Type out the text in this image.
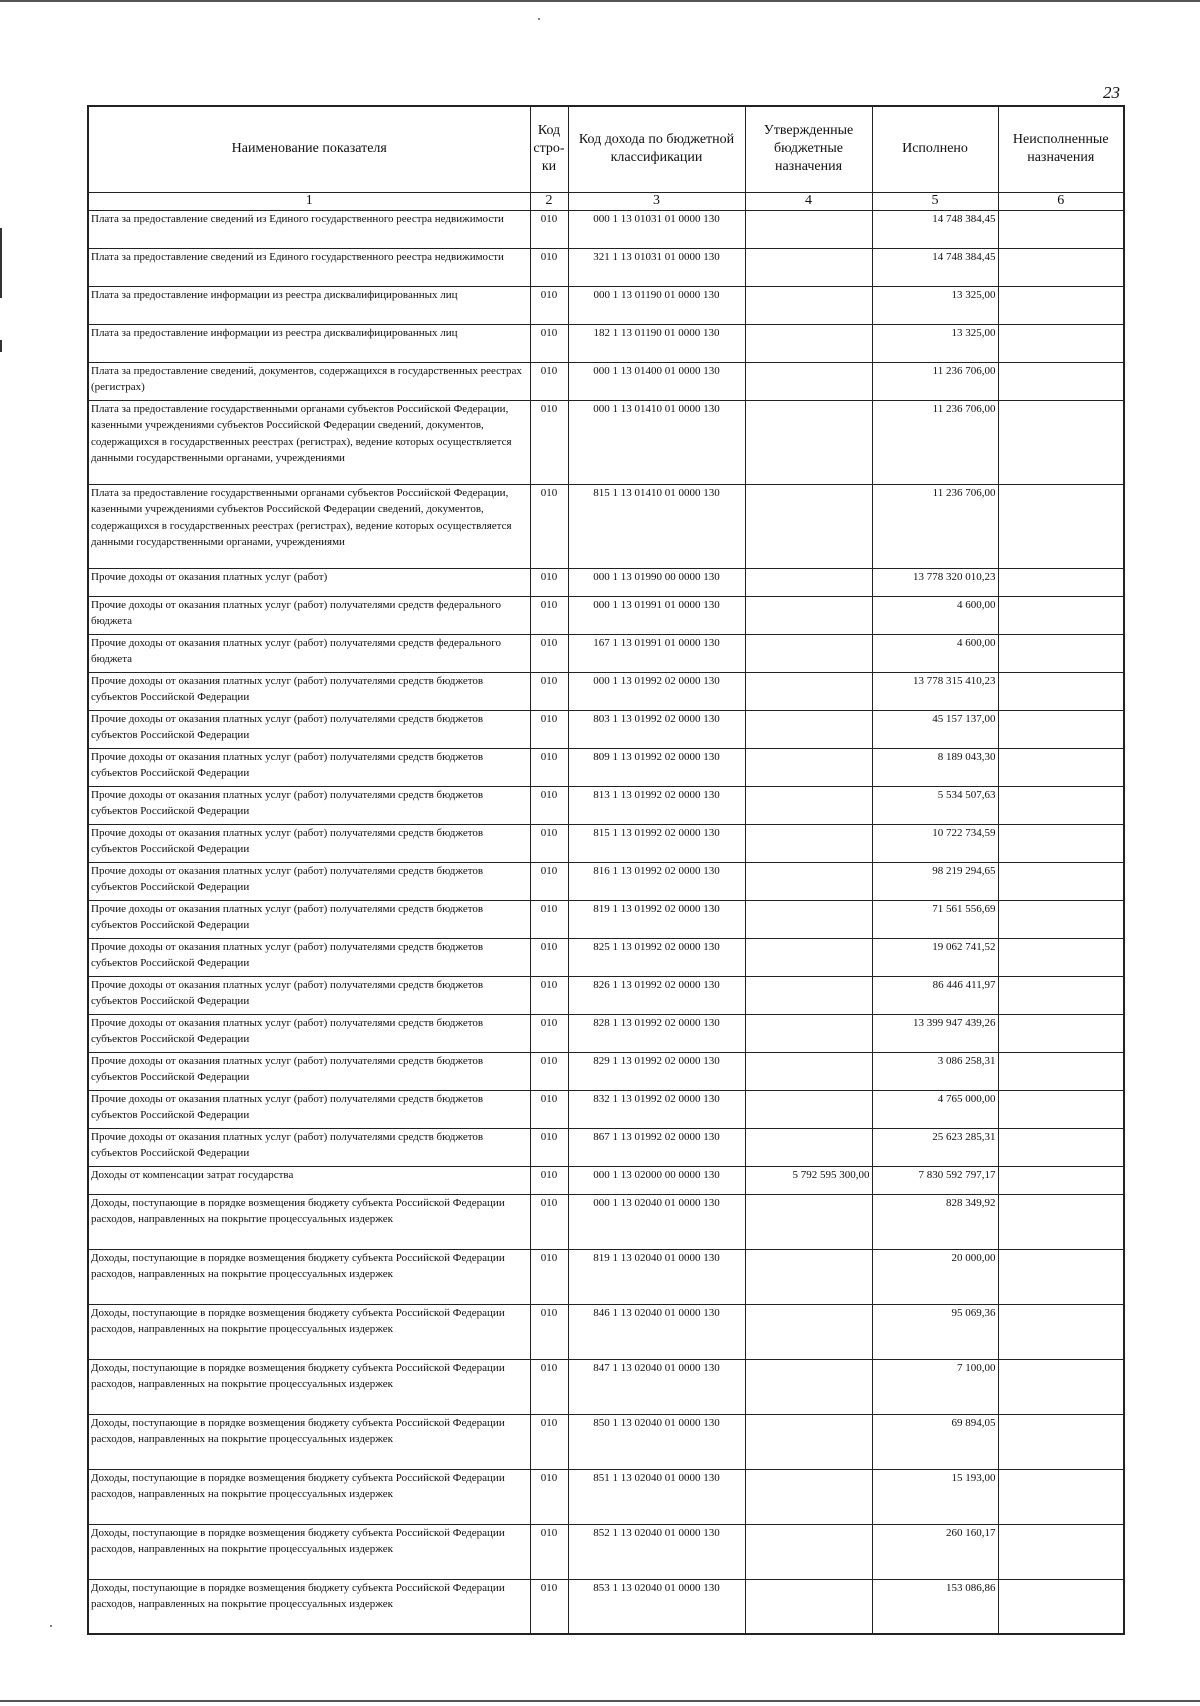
23
Наименование показателя	Код стро-ки	Код дохода по бюджетной классификации	Утвержденные бюджетные назначения	Исполнено	Неисполненные назначения
1	2	3	4	5	6
Плата за предоставление сведений из Единого государственного реестра недвижимости	010	000 1 13 01031 01 0000 130		14 748 384,45	
Плата за предоставление сведений из Единого государственного реестра недвижимости	010	321 1 13 01031 01 0000 130		14 748 384,45	
Плата за предоставление информации из реестра дисквалифицированных лиц	010	000 1 13 01190 01 0000 130		13 325,00	
Плата за предоставление информации из реестра дисквалифицированных лиц	010	182 1 13 01190 01 0000 130		13 325,00	
Плата за предоставление сведений, документов, содержащихся в государственных реестрах (регистрах)	010	000 1 13 01400 01 0000 130		11 236 706,00	
Плата за предоставление государственными органами субъектов Российской Федерации, казенными учреждениями субъектов Российской Федерации сведений, документов, содержащихся в государственных реестрах (регистрах), ведение которых осуществляется данными государственными органами, учреждениями	010	000 1 13 01410 01 0000 130		11 236 706,00	
Плата за предоставление государственными органами субъектов Российской Федерации, казенными учреждениями субъектов Российской Федерации сведений, документов, содержащихся в государственных реестрах (регистрах), ведение которых осуществляется данными государственными органами, учреждениями	010	815 1 13 01410 01 0000 130		11 236 706,00	
Прочие доходы от оказания платных услуг (работ)	010	000 1 13 01990 00 0000 130		13 778 320 010,23	
Прочие доходы от оказания платных услуг (работ) получателями средств федерального бюджета	010	000 1 13 01991 01 0000 130		4 600,00	
Прочие доходы от оказания платных услуг (работ) получателями средств федерального бюджета	010	167 1 13 01991 01 0000 130		4 600,00	
Прочие доходы от оказания платных услуг (работ) получателями средств бюджетов субъектов Российской Федерации	010	000 1 13 01992 02 0000 130		13 778 315 410,23	
Прочие доходы от оказания платных услуг (работ) получателями средств бюджетов субъектов Российской Федерации	010	803 1 13 01992 02 0000 130		45 157 137,00	
Прочие доходы от оказания платных услуг (работ) получателями средств бюджетов субъектов Российской Федерации	010	809 1 13 01992 02 0000 130		8 189 043,30	
Прочие доходы от оказания платных услуг (работ) получателями средств бюджетов субъектов Российской Федерации	010	813 1 13 01992 02 0000 130		5 534 507,63	
Прочие доходы от оказания платных услуг (работ) получателями средств бюджетов субъектов Российской Федерации	010	815 1 13 01992 02 0000 130		10 722 734,59	
Прочие доходы от оказания платных услуг (работ) получателями средств бюджетов субъектов Российской Федерации	010	816 1 13 01992 02 0000 130		98 219 294,65	
Прочие доходы от оказания платных услуг (работ) получателями средств бюджетов субъектов Российской Федерации	010	819 1 13 01992 02 0000 130		71 561 556,69	
Прочие доходы от оказания платных услуг (работ) получателями средств бюджетов субъектов Российской Федерации	010	825 1 13 01992 02 0000 130		19 062 741,52	
Прочие доходы от оказания платных услуг (работ) получателями средств бюджетов субъектов Российской Федерации	010	826 1 13 01992 02 0000 130		86 446 411,97	
Прочие доходы от оказания платных услуг (работ) получателями средств бюджетов субъектов Российской Федерации	010	828 1 13 01992 02 0000 130		13 399 947 439,26	
Прочие доходы от оказания платных услуг (работ) получателями средств бюджетов субъектов Российской Федерации	010	829 1 13 01992 02 0000 130		3 086 258,31	
Прочие доходы от оказания платных услуг (работ) получателями средств бюджетов субъектов Российской Федерации	010	832 1 13 01992 02 0000 130		4 765 000,00	
Прочие доходы от оказания платных услуг (работ) получателями средств бюджетов субъектов Российской Федерации	010	867 1 13 01992 02 0000 130		25 623 285,31	
Доходы от компенсации затрат государства	010	000 1 13 02000 00 0000 130	5 792 595 300,00	7 830 592 797,17	
Доходы, поступающие в порядке возмещения бюджету субъекта Российской Федерации расходов, направленных на покрытие процессуальных издержек	010	000 1 13 02040 01 0000 130		828 349,92	
Доходы, поступающие в порядке возмещения бюджету субъекта Российской Федерации расходов, направленных на покрытие процессуальных издержек	010	819 1 13 02040 01 0000 130		20 000,00	
Доходы, поступающие в порядке возмещения бюджету субъекта Российской Федерации расходов, направленных на покрытие процессуальных издержек	010	846 1 13 02040 01 0000 130		95 069,36	
Доходы, поступающие в порядке возмещения бюджету субъекта Российской Федерации расходов, направленных на покрытие процессуальных издержек	010	847 1 13 02040 01 0000 130		7 100,00	
Доходы, поступающие в порядке возмещения бюджету субъекта Российской Федерации расходов, направленных на покрытие процессуальных издержек	010	850 1 13 02040 01 0000 130		69 894,05	
Доходы, поступающие в порядке возмещения бюджету субъекта Российской Федерации расходов, направленных на покрытие процессуальных издержек	010	851 1 13 02040 01 0000 130		15 193,00	
Доходы, поступающие в порядке возмещения бюджету субъекта Российской Федерации расходов, направленных на покрытие процессуальных издержек	010	852 1 13 02040 01 0000 130		260 160,17	
Доходы, поступающие в порядке возмещения бюджету субъекта Российской Федерации расходов, направленных на покрытие процессуальных издержек	010	853 1 13 02040 01 0000 130		153 086,86	
